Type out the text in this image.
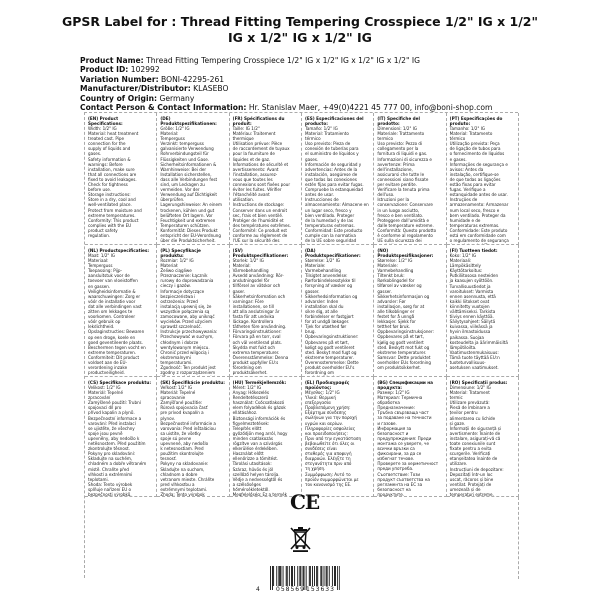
GPSR Label for : Thread Fitting Tempering Crosspiece 1/2" IG x 1/2"
IG x 1/2" IG x 1/2" IG
Product Name: Thread Fitting Tempering Crosspiece 1/2" IG x 1/2" IG x 1/2" IG x 1/2" IG
Product ID: 102992
Variation Number: BONI-42295-261
Manufacturer/Distributor: KLASEBO
Country of Origin: Germany
Contact Person & Contact Information: Hr. Stanislav Maer, +49(0)4221 45 777 00, info@boni-shop.com
(EN) Product Specifications:
Width: 1/2" IG
Material: heat treatment
treated cast. Pipe
connection for the
supply of liquids and
gases.
Safety information &
warnings: Before
installation, make sure
that all connections are
fixed to avoid leakages.
Check for tightness
before use.
Storage instructions:
Store in a dry, cool and
well-ventilated place.
Protect from moisture and
extreme temperatures.
Conformity: This product
complies with the EU
product safety
regulation.
(DE) Produktspezifikationen:
Größe: 1/2" IG
Material:
Temperguss
Verzinkt: temperguss
galvanisierte Verwendung
Rohrverbindungsteil für
Flüssigkeiten und Gase.
Sicherheitsinformationen &
Warnhinweise: Bei der
Installation sicherstellen,
dass alle Verbindungen fest
sind, um Leckagen zu
vermeiden. Vor der
Verwendung auf Dichtigkeit
überprüfen.
Lagerungshinweise: An einem
trockenen, kühlen und gut
belüfteten Ort lagern. Vor
Feuchtigkeit und extremen
Temperaturen schützen.
Konformität: Dieses Produkt
entspricht der EU-Verordnung
über die Produktsicherheit.
(FR) Spécifications du produit:
Taille: IG 1/2"
Matériau: Traitement
thermique
Utilisation prévue: Pièce
de raccordement de tuyaux
pour la fourniture de
liquides et de gaz.
Informations de sécurité et
avertissements: Avant
l'installation, assurez-
vous que toutes les
connexions sont fixées pour
éviter les fuites. Vérifier
l'étanchéité avant
utilisation.
Instructions de stockage:
Conserver dans un endroit
sec, frais et bien ventilé.
Protéger de l'humidité et
des températures extrêmes.
Conformité: Ce produit est
conforme au règlement de
l'UE sur la sécurité des

(ES) Especificaciones del producto:
Tamaño: 1/2" IG
Material: Tratamiento
térmico
Uso previsto: Pieza de
conexión de tuberías para
el suministro de líquidos y
gases.
Información de seguridad y
advertencias: Antes de la
instalación, asegúrese de
que todas las conexiones
estén fijas para evitar fugas.
Compruebe la estanqueidad
antes de usar.
Instrucciones de
almacenamiento: Almacene en
un lugar seco, fresco y
bien ventilado. Proteger
de la humedad y de las
temperaturas extremas.
Conformidad: Este producto
cumple con la normativa
de la UE sobre seguridad

(IT) Specifiche del prodotto:
Dimensioni: 1/2" IG
Materiale: Trattamento
termico
Uso previsto: Pezzo di
collegamento per la
fornitura di liquidi e gas.
Informazioni di sicurezza e
avvertenze: Prima
dell'installazione,
assicurarsi che tutte le
connessioni siano fissate
per evitare perdite.
Verificare la tenuta prima
dell'uso.
Istruzioni per la
conservazione: Conservare
in un luogo asciutto,
fresco e ben ventilato.
Proteggere dall'umidità e
dalle temperature estreme.
Conformità: Questo prodotto
è conforme al regolamento
UE sulla sicurezza dei

(PT) Especificações do produto:
Tamanho: 1/2" IG
Material: Tratamento
térmico
Utilização prevista: Peça
de ligação de tubos para
o fornecimento de líquidos
e gases.
Informações de segurança e
avisos: Antes da
instalação, certifique-se
de que todas as ligações
estão fixas para evitar
fugas. Verifique a
estanquidade antes de usar.
Instruções de
armazenamento: Armazenar
num local seco, fresco e
bem ventilado. Proteger da
humidade e de
temperaturas extremas.
Conformidade: Este produto
está em conformidade com
o regulamento de segurança

(NL) Productspecificaties:
Maat: 1/2" IG
Materiaal:
Temperguss
Toepassing: Pijp-
aansluitstuk voor de
toevoer van vloeistoffen
en gassen.
Veiligheidsinformatie &
waarschuwingen: Zorg er
vóór de installatie voor
dat alle verbindingen vast
zitten om lekkages te
voorkomen. Controleer
vóór gebruik op
lekdichtheid.
Opslaginstructies: Bewaren
op een droge, koele en
goed geventileerde plaats.
Beschermen tegen vocht en
extreme temperaturen.
Conformiteit: Dit product
voldoet aan de EU-
verordening inzake
productveiligheid.
(PL) Specyfikacje produktu:
Rozmiar: 1/2" IG
Materiał:
Żeliwo ciągliwe
Przeznaczenie: Łącznik
rurowy do doprowadzania
cieczy i gazów.
Informacje dotyczące
bezpieczeństwa i
ostrzeżenia: Przed
instalacją upewnij się, że
wszystkie połączenia są
zamocowane, aby uniknąć
wycieków. Przed użyciem
sprawdź szczelność.
Instrukcje przechowywania:
Przechowywać w suchym,
chłodnym i dobrze
wentylowanym miejscu.
Chronić przed wilgocią i
ekstremalnymi
temperaturami.
Zgodność: Ten produkt jest
zgodny z rozporządzeniem

(SV) Produktspecifikationer:
Storlek: 1/2" IG
Material:
Värmebehandling
Avsedd användning: Rör-
anslutningsdel för
tillförsel av vätskor och
gaser.
Säkerhetsinformation och
varningar: Före
installationen, se till
att alla anslutningar är
fasta för att undvika
läckage. Kontrollera
tätheten före användning.
Förvaringsinstruktioner:
Förvara på en torr, sval
och väl ventilerad plats.
Skydda mot fukt och
extrema temperaturer.
Överensstämmelse: Denna
produkt uppfyller EU:s
förordning om
produktsäkerhet.
(DA) Produktspecifikationer:
Størrelse: 1/2" IG
Materiale:
Varmebehandling
Tilsigtet anvendelse:
Rørforbindelsesstykke til
forsyning af væsker og
gasser.
Sikkerhedsinformation og
advarsler: Inden
installation skal du
sikre dig, at alle
forbindelser er fastgjort
for at undgå lækager.
Tjek for utæthed før
brug.
Opbevaringsinstruktioner:
Opbevares på et tørt,
køligt og godt ventileret
sted. Beskyt mod fugt og
ekstreme temperaturer.
Overensstemmelse: Dette
produkt overholder EU's
forordning om

(NO) Produktspesifikasjoner:
Størrelse: 1/2" IG
Materiale:
Varmebehandling
Tiltenkt bruk:
Rørkoblingsdel for
tilførsel av væsker og
gasser.
Sikkerhetsinformasjon og
advarsler: Før
installasjon, sørg for at
alle tilkoblinger er
festet for å unngå
lekkasjer. Sjekk for
tetthet før bruk.
Oppbevaringsinstruksjoner:
Oppbevares på et tørt,
kjølig og godt ventilert
sted. Beskytt mot fukt og
ekstreme temperaturer.
Samsvar: Dette produktet
overholder EUs forordning
om produktsikkerhet.
(FI) Tuotteen tiedot:
Koko: 1/2" IG
Materiaali:
Lämpökäsittely
Käyttötarkoitus:
Putkiliitososa nesteiden
ja kaasujen syöttöön.
Turvallisuustiedot ja
varoitukset: Varmista
ennen asennusta, että
kaikki liitokset ovat
kiinnitetty vuotojen
välttämiseksi. Tarkista
tiiviys ennen käyttöä.
Säilytysohjeet: Säilytä
kuivassa, viileässä ja
hyvin ilmastoidussa
paikassa. Suojaa
kosteudelta ja äärimmäisiltä
lämpötiloilta.
Vaatimustenmukaisuus:
Tämä tuote täyttää EU:n
tuoteturvallisuus-
asetuksen vaatimukset.
(CS) Specifikace produktu:
Velikost: 1/2" IG
Materiál: Tepelné
zpracování
Zamýšlené použití: Trubní
spojovací díl pro
přívod kapalin a plynů.
Bezpečnostní informace a
varování: Před instalací
se ujistěte, že všechny
spoje jsou pevně
upevněny, aby nedošlo k
netěsnostem. Před použitím
zkontrolujte těsnost.
Pokyny pro skladování:
Skladujte na suchém,
chladném a dobře větraném
místě. Chraňte před
vlhkostí a extrémními
teplotami.
Shoda: Tento výrobek
splňuje nařízení EU o
bezpečnosti výrobků.
(SK) Špecifikácie produktu:
Veľkosť: 1/2" IG
Materiál: Tepelné
spracovanie
Zamýšľané použitie:
Rúrová spojovacia časť
pre prívod kvapalín a
plynov.
Bezpečnostné informácie a
varovania: Pred inštaláciou
sa uistite, že všetky
spoje sú pevne
upevnené, aby nedošlo
k netesnostiam. Pred
použitím skontrolujte
tesnosť.
Pokyny na skladovanie:
Skladujte na suchom,
chladnom a dobre
vetranom mieste. Chráňte
pred vlhkosťou a
extrémnymi teplotami.
Zhoda: Tento výrobok

(HU) Termékjellemzők:
Méret: 1/2" IG
Anyag: Hőkezelés
Rendeltetésszerű
használat: Csőcsatlakozó
elem folyadékok és gázok
ellátásához.
Biztonsági információk és
figyelmeztetések:
Telepítés előtt
győződjön meg arról, hogy
minden csatlakozás
rögzítve van a szivárgás
elkerülése érdekében.
Használat előtt
ellenőrizze a tömítést.
Tárolási utasítások:
Száraz, hűvös és jól
szellőző helyen tárolja.
Védje a nedvességtől és
a szélsőséges
hőmérsékletektől.
Megfelelőség: Ez a termék

(EL) Προδιαγραφές προϊόντος:
Μέγεθος: 1/2" IG
Υλικό: Θερμική
επεξεργασία
Προβλεπόμενη χρήση:
Εξάρτημα σύνδεσης
σωλήνων για την παροχή
υγρών και αερίων.
Πληροφορίες ασφαλείας
και προειδοποιήσεις:
Πριν από την εγκατάσταση
βεβαιωθείτε ότι όλες οι
συνδέσεις είναι
σταθερές για αποφυγή
διαρροών. Ελέγξτε τη
στεγανότητα πριν από
τη χρήση.
Συμμόρφωση: Αυτό το
προϊόν συμμορφώνεται με
τον κανονισμό της ΕΕ.
(BG) Спецификации на продукта:
Размер: 1/2" IG
Материал: Термична
обработка
Предназначение:
Тръбна свързваща част
за подаване на течности
и газове.
Информация за
безопасност и
предупреждения: Преди
монтажа се уверете, че
всички връзки са
фиксирани, за да се
избегнат течове.
Проверете за херметичност
преди употреба.
Съответствие: Този
продукт съответства на
регламента на ЕС за
безопасност на
продуктите.
(RO) Specificații produs:
Dimensiune: 1/2" IG
Material: Tratament
termic
Utilizare prevăzută:
Piesă de îmbinare a
țevilor pentru
alimentarea cu lichide
și gaze.
Informații de siguranță și
avertismente: Înainte de
instalare, asigurați-vă că
toate conexiunile sunt
fixate pentru a evita
scurgerile. Verificați
etanșeitatea înainte de
utilizare.
Instrucțiuni de depozitare:
Depozitați într-un loc
uscat, răcoros și bine
ventilat. Protejați de
umezeală și de
temperaturi extreme.

CE
4	058569 153633
